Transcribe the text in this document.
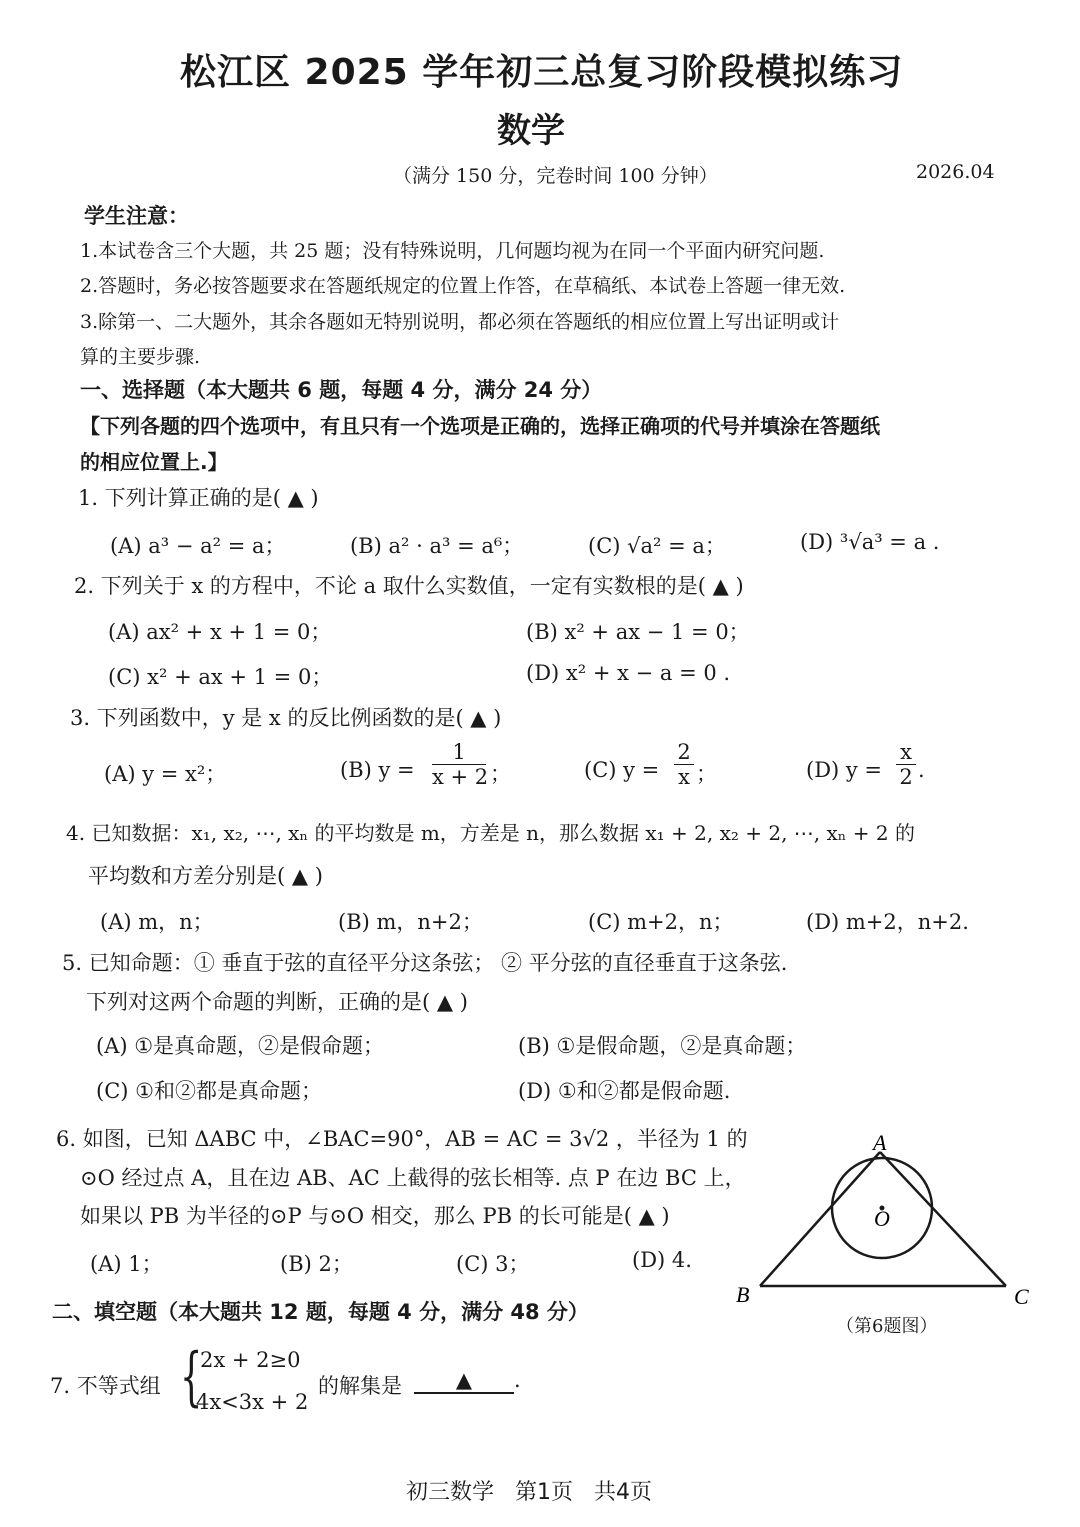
松江区 2025 学年初三总复习阶段模拟练习
数学
（满分 150 分，完卷时间 100 分钟）	2026.04
学生注意：
1.本试卷含三个大题，共 25 题；没有特殊说明，几何题均视为在同一个平面内研究问题.
2.答题时，务必按答题要求在答题纸规定的位置上作答，在草稿纸、本试卷上答题一律无效.
3.除第一、二大题外，其余各题如无特别说明，都必须在答题纸的相应位置上写出证明或计
算的主要步骤.
一、选择题（本大题共 6 题，每题 4 分，满分 24 分）
【下列各题的四个选项中，有且只有一个选项是正确的，选择正确项的代号并填涂在答题纸
的相应位置上.】
1. 下列计算正确的是( ▲ )
(A) a³ − a² = a；	(B) a² · a³ = a⁶；	(C) √a² = a；	(D) ³√a³ = a .
2. 下列关于 x 的方程中，不论 a 取什么实数值，一定有实数根的是( ▲ )
(A) ax² + x + 1 = 0；	(B) x² + ax − 1 = 0；
(C) x² + ax + 1 = 0；	(D) x² + x − a = 0 .
3. 下列函数中，y 是 x 的反比例函数的是( ▲ )
(A) y = x²；	(B) $y = \frac{1}{x + 2}$ ；	(C) $y = \frac{2}{x}$ ；	(D) $y = \frac{x}{2}$ .
4. 已知数据：x₁, x₂, ⋯, xₙ 的平均数是 m，方差是 n，那么数据 x₁ + 2, x₂ + 2, ⋯, xₙ + 2 的
平均数和方差分别是( ▲ )
(A) m，n；	(B) m，n+2；	(C) m+2，n；	(D) m+2，n+2.
5. 已知命题：① 垂直于弦的直径平分这条弦； ② 平分弦的直径垂直于这条弦.
下列对这两个命题的判断，正确的是( ▲ )
(A) ①是真命题，②是假命题；	(B) ①是假命题，②是真命题；
(C) ①和②都是真命题；	(D) ①和②都是假命题.
6. 如图，已知 ΔABC 中，∠BAC=90°，AB = AC = 3√2 ，半径为 1 的
⊙O 经过点 A，且在边 AB、AC 上截得的弦长相等. 点 P 在边 BC 上，
如果以 PB 为半径的⊙P 与⊙O 相交，那么 PB 的长可能是( ▲ )
(A) 1；	(B) 2；	(C) 3；	(D) 4.
A
B	C
O
（第6题图）
二、填空题（本大题共 12 题，每题 4 分，满分 48 分）
7. 不等式组 {
2x + 2≥0
4x<3x + 2
的解集是	▲ .
初三数学   第1页   共4页
